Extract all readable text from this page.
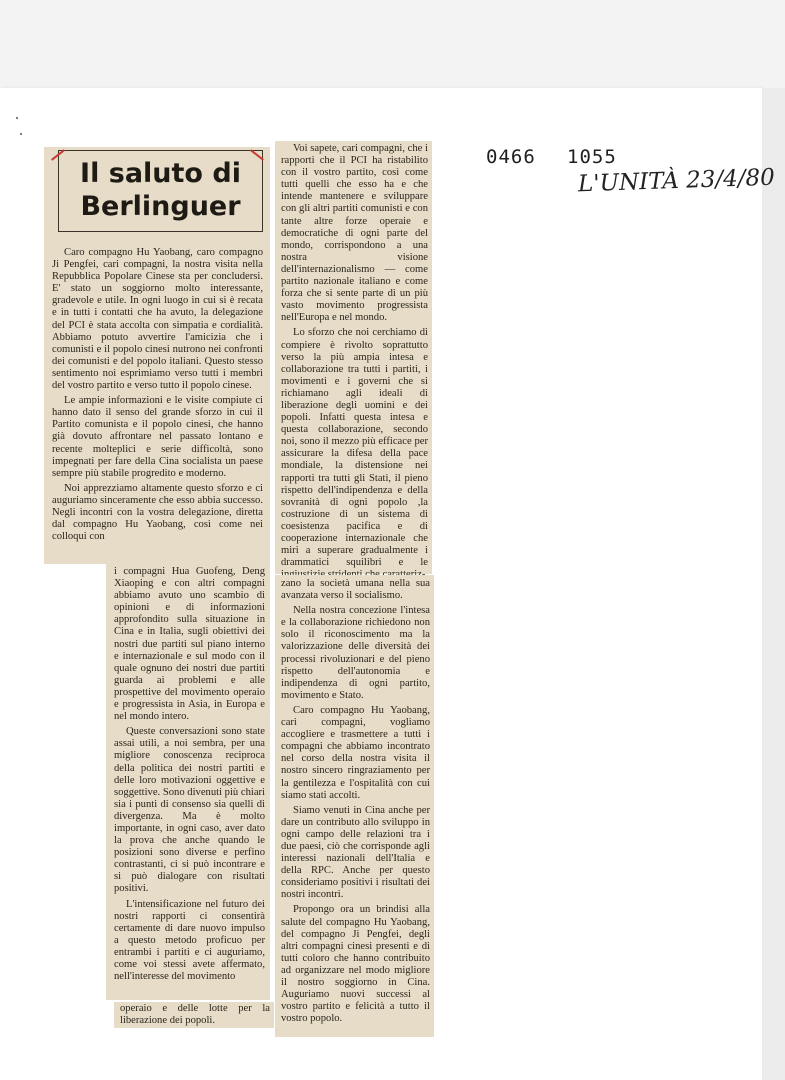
0466 1055
L'UNITÀ 23/4/80

Caro compagno Hu Yaobang, caro compagno Ji Pengfei, cari compagni, la nostra visita nella Repubblica Popolare Cinese sta per concludersi. E' stato un soggiorno molto interessante, gradevole e utile. In ogni luogo in cui si è recata e in tutti i contatti che ha avuto, la delegazione del PCI è stata accolta con simpatia e cordialità. Abbiamo potuto avvertire l'amicizia che i comunisti e il popolo cinesi nutrono nei confronti dei comunisti e del popolo italiani. Questo stesso sentimento noi esprimiamo verso tutti i membri del vostro partito e verso tutto il popolo cinese.

Le ampie informazioni e le visite compiute ci hanno dato il senso del grande sforzo in cui il Partito comunista e il popolo cinesi, che hanno già dovuto affrontare nel passato lontano e recente molteplici e serie difficoltà, sono impegnati per fare della Cina socialista un paese sempre più stabile progredito e moderno.

Noi apprezziamo altamente questo sforzo e ci auguriamo sinceramente che esso abbia successo. Negli incontri con la vostra delegazione, diretta dal compagno Hu Yaobang, così come nei colloqui con

Il saluto di
Berlinguer

i compagni Hua Guofeng, Deng Xiaoping e con altri compagni abbiamo avuto uno scambio di opinioni e di informazioni approfondito sulla situazione in Cina e in Italia, sugli obiettivi dei nostri due partiti sul piano interno e internazionale e sul modo con il quale ognuno dei nostri due partiti guarda ai problemi e alle prospettive del movimento operaio e progressista in Asia, in Europa e nel mondo intero.

Queste conversazioni sono state assai utili, a noi sembra, per una migliore conoscenza reciproca della politica dei nostri partiti e delle loro motivazioni oggettive e soggettive. Sono divenuti più chiari sia i punti di consenso sia quelli di divergenza. Ma è molto importante, in ogni caso, aver dato la prova che anche quando le posizioni sono diverse e perfino contrastanti, ci si può incontrare e si può dialogare con risultati positivi.

L'intensificazione nel futuro dei nostri rapporti ci consentirà certamente di dare nuovo impulso a questo metodo proficuo per entrambi i partiti e ci auguriamo, come voi stessi avete affermato, nell'interesse del movimento

operaio e delle lotte per la liberazione dei popoli.

Voi sapete, cari compagni, che i rapporti che il PCI ha ristabilito con il vostro partito, così come tutti quelli che esso ha e che intende mantenere e sviluppare con gli altri partiti comunisti e con tante altre forze operaie e democratiche di ogni parte del mondo, corrispondono a una nostra visione dell'internazionalismo — come partito nazionale italiano e come forza che si sente parte di un più vasto movimento progressista nell'Europa e nel mondo.

Lo sforzo che noi cerchiamo di compiere è rivolto soprattutto verso la più ampia intesa e collaborazione tra tutti i partiti, i movimenti e i governi che si richiamano agli ideali di liberazione degli uomini e dei popoli. Infatti questa intesa e questa collaborazione, secondo noi, sono il mezzo più efficace per assicurare la difesa della pace mondiale, la distensione nei rapporti tra tutti gli Stati, il pieno rispetto dell'indipendenza e della sovranità di ogni popolo ,la costruzione di un sistema di coesistenza pacifica e di cooperazione internazionale che miri a superare gradualmente i drammatici squilibri e le

zano la società umana nella sua avanzata verso il socialismo.

Nella nostra concezione l'intesa e la collaborazione richiedono non solo il riconoscimento ma la valorizzazione delle diversità dei processi rivoluzionari e del pieno rispetto dell'autonomia e indipendenza di ogni partito, movimento e Stato.

Caro compagno Hu Yaobang, cari compagni, vogliamo accogliere e trasmettere a tutti i compagni che abbiamo incontrato nel corso della nostra visita il nostro sincero ringraziamento per la gentilezza e l'ospitalità con cui siamo stati accolti.

Siamo venuti in Cina anche per dare un contributo allo sviluppo in ogni campo delle relazioni tra i due paesi, ciò che corrisponde agli interessi nazionali dell'Italia e della RPC. Anche per questo consideriamo positivi i risultati dei nostri incontri.

Propongo ora un brindisi alla salute del compagno Hu Yaobang, del compagno Ji Pengfei, degli altri compagni cinesi presenti e di tutti coloro che hanno contribuito ad organizzare nel modo migliore il nostro soggiorno in Cina. Auguriamo nuovi successi al vostro partito e felicità a tutto il vostro popolo.
